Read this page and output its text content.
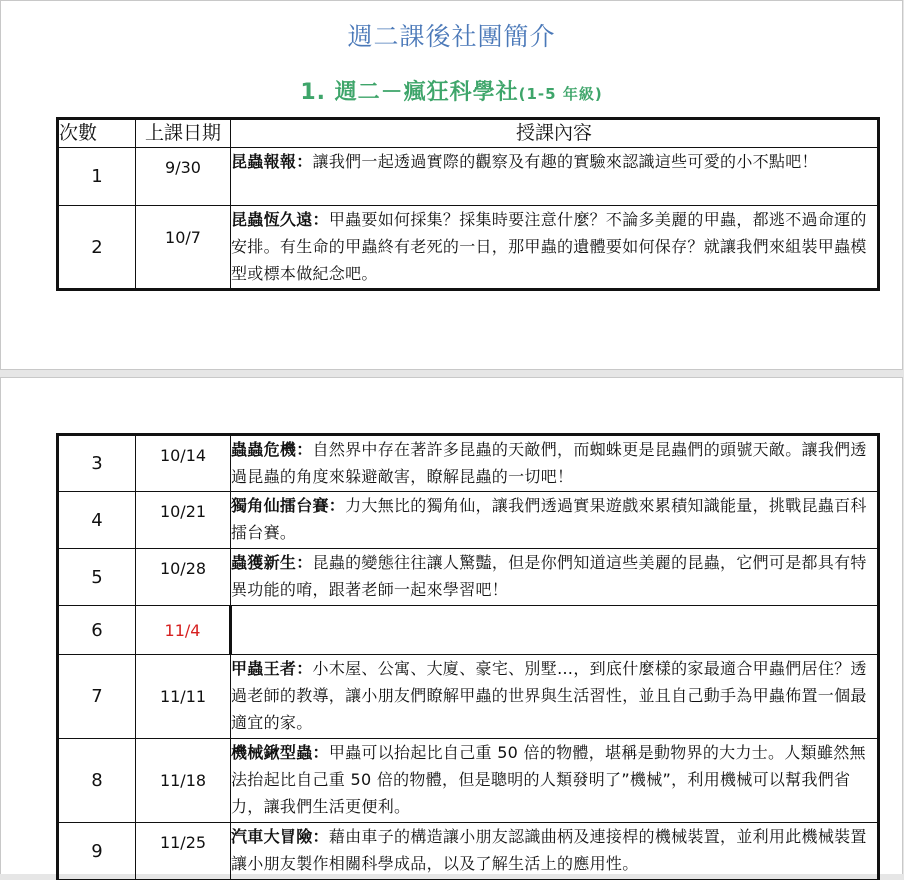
週二課後社團簡介
1. 週二－瘋狂科學社(1-5 年級)
次數	上課日期	授課內容
1	9/30	昆蟲報報：讓我們一起透過實際的觀察及有趣的實驗來認識這些可愛的小不點吧！
2	10/7	昆蟲恆久遠：甲蟲要如何採集？採集時要注意什麼？不論多美麗的甲蟲，都逃不過命運的安排。有生命的甲蟲終有老死的一日，那甲蟲的遺體要如何保存？就讓我們來組裝甲蟲模型或標本做紀念吧。
3	10/14	蟲蟲危機：自然界中存在著許多昆蟲的天敵們，而蜘蛛更是昆蟲們的頭號天敵。讓我們透過昆蟲的角度來躲避敵害，瞭解昆蟲的一切吧！
4	10/21	獨角仙擂台賽：力大無比的獨角仙，讓我們透過實果遊戲來累積知識能量，挑戰昆蟲百科擂台賽。
5	10/28	蟲獲新生：昆蟲的變態往往讓人驚豔，但是你們知道這些美麗的昆蟲，它們可是都具有特異功能的唷，跟著老師一起來學習吧！
6	11/4	
7	11/11	甲蟲王者：小木屋、公寓、大廈、豪宅、別墅…，到底什麼樣的家最適合甲蟲們居住？透過老師的教導，讓小朋友們瞭解甲蟲的世界與生活習性，並且自己動手為甲蟲佈置一個最適宜的家。
8	11/18	機械鍬型蟲：甲蟲可以抬起比自己重 50 倍的物體，堪稱是動物界的大力士。人類雖然無法抬起比自己重 50 倍的物體，但是聰明的人類發明了”機械”，利用機械可以幫我們省力，讓我們生活更便利。
9	11/25	汽車大冒險：藉由車子的構造讓小朋友認識曲柄及連接桿的機械裝置，並利用此機械裝置讓小朋友製作相關科學成品，以及了解生活上的應用性。
